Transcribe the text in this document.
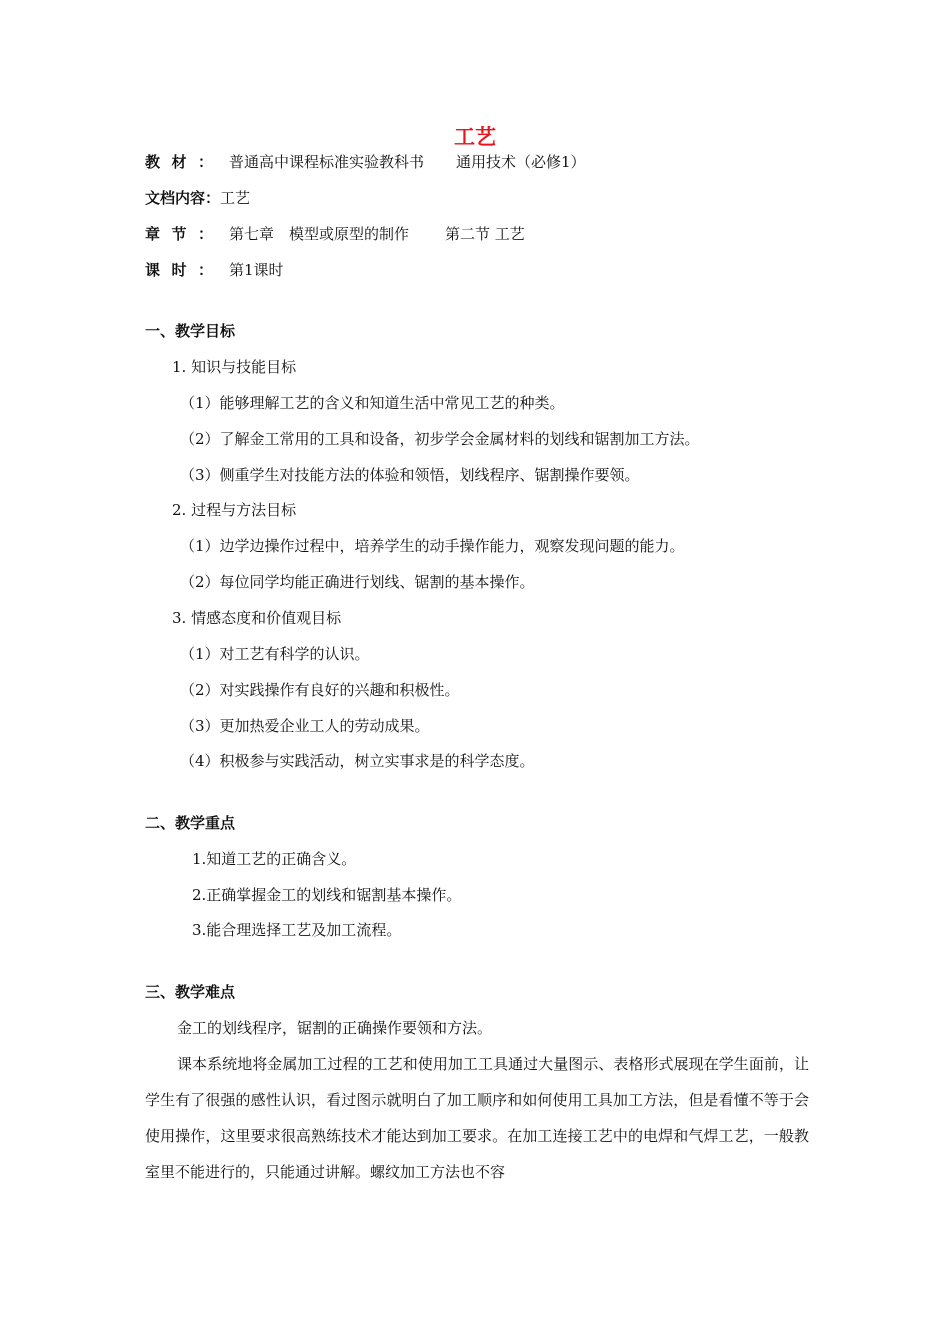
工艺
教材： 普通高中课程标准实验教科书 通用技术（必修1）
文档内容：工艺
章节： 第七章　模型或原型的制作 第二节 工艺
课时： 第1课时
一、教学目标
1. 知识与技能目标
（1）能够理解工艺的含义和知道生活中常见工艺的种类。
（2）了解金工常用的工具和设备，初步学会金属材料的划线和锯割加工方法。
（3）侧重学生对技能方法的体验和领悟，划线程序、锯割操作要领。
2. 过程与方法目标
（1）边学边操作过程中，培养学生的动手操作能力，观察发现问题的能力。
（2）每位同学均能正确进行划线、锯割的基本操作。
3. 情感态度和价值观目标
（1）对工艺有科学的认识。
（2）对实践操作有良好的兴趣和积极性。
（3）更加热爱企业工人的劳动成果。
（4）积极参与实践活动，树立实事求是的科学态度。
二、教学重点
1.知道工艺的正确含义。
2.正确掌握金工的划线和锯割基本操作。
3.能合理选择工艺及加工流程。
三、教学难点
金工的划线程序，锯割的正确操作要领和方法。
课本系统地将金属加工过程的工艺和使用加工工具通过大量图示、表格形式展现在学生面前，让学生有了很强的感性认识，看过图示就明白了加工顺序和如何使用工具加工方法，但是看懂不等于会使用操作，这里要求很高熟练技术才能达到加工要求。在加工连接工艺中的电焊和气焊工艺，一般教室里不能进行的，只能通过讲解。螺纹加工方法也不容
